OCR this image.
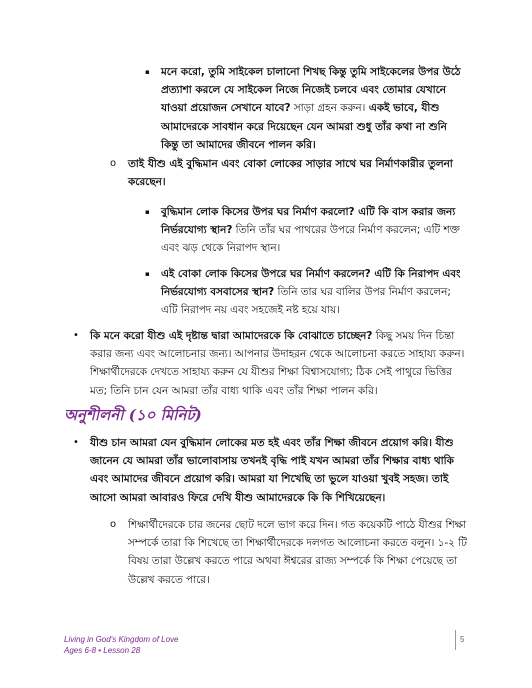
▪ মনে করো, তুমি সাইকেল চালানো শিখছ কিন্তু তুমি সাইকেলের উপর উঠে প্রত্যাশা করলে যে সাইকেল নিজে নিজেই চলবে এবং তোমার যেখানে যাওয়া প্রয়োজন সেখানে যাবে? সাড়া গ্রহন করুন। একই ভাবে, যীশু আমাদেরকে সাবধান করে দিয়েছেন যেন আমরা শুধু তাঁর কথা না শুনি কিন্তু তা আমাদের জীবনে পালন করি।
o তাই যীশু এই বুদ্ধিমান এবং বোকা লোকের সাড়ার সাথে ঘর নির্মাণকারীর তুলনা করেছেন।
▪ বুদ্ধিমান লোক কিসের উপর ঘর নির্মাণ করলো? এটি কি বাস করার জন্য নির্ভরযোগ্য স্থান? তিনি তাঁর ঘর পাথরের উপরে নির্মাণ করলেন; এটি শক্ত এবং ঝড় থেকে নিরাপদ স্থান।
▪ এই বোকা লোক কিসের উপরে ঘর নির্মাণ করলেন? এটি কি নিরাপদ এবং নির্ভরযোগ্য বসবাসের স্থান? তিনি তার ঘর বালির উপর নির্মাণ করলেন; এটি নিরাপদ নয় এবং সহজেই নষ্ট হয়ে যায়।
• কি মনে করো যীশু এই দৃষ্টান্ত দ্বারা আমাদেরকে কি বোঝাতে চাচ্ছেন? কিছু সময় দিন চিন্তা করার জন্য এবং আলোচনার জন্য। আপনার উদাহরন থেকে আলোচনা করতে সাহায্য করুন। শিক্ষার্থীদেরকে দেখতে সাহায্য করুন যে যীশুর শিক্ষা বিশ্বাসযোগ্য; ঠিক সেই পাথুরে ভিত্তির মত; তিনি চান যেন আমরা তাঁর বাধ্য থাকি এবং তাঁর শিক্ষা পালন করি।
অনুশীলনী (১০ মিনিট)
• যীশু চান আমরা যেন বুদ্ধিমান লোকের মত হই এবং তাঁর শিক্ষা জীবনে প্রয়োগ করি। যীশু জানেন যে আমরা তাঁর ভালোবাসায় তখনই বৃদ্ধি পাই যখন আমরা তাঁর শিক্ষার বাধ্য থাকি এবং আমাদের জীবনে প্রয়োগ করি। আমরা যা শিখেছি তা ভুলে যাওয়া খুবই সহজ। তাই আসো আমরা আবারও ফিরে দেখি যীশু আমাদেরকে কি কি শিখিয়েছেন।
o শিক্ষার্থীদেরকে চার জনের ছোট দলে ভাগ করে দিন। গত কয়েকটি পাঠে যীশুর শিক্ষা সম্পর্কে তারা কি শিখেছে তা শিক্ষার্থীদেরকে দলগত আলোচনা করতে বলুন। ১-২ টি বিষয় তারা উল্লেখ করতে পারে অথবা ঈশ্বরের রাজ্য সম্পর্কে কি শিক্ষা পেয়েছে তা উল্লেখ করতে পারে।
Living in God's Kingdom of Love
Ages 6-8 • Lesson 28
5
